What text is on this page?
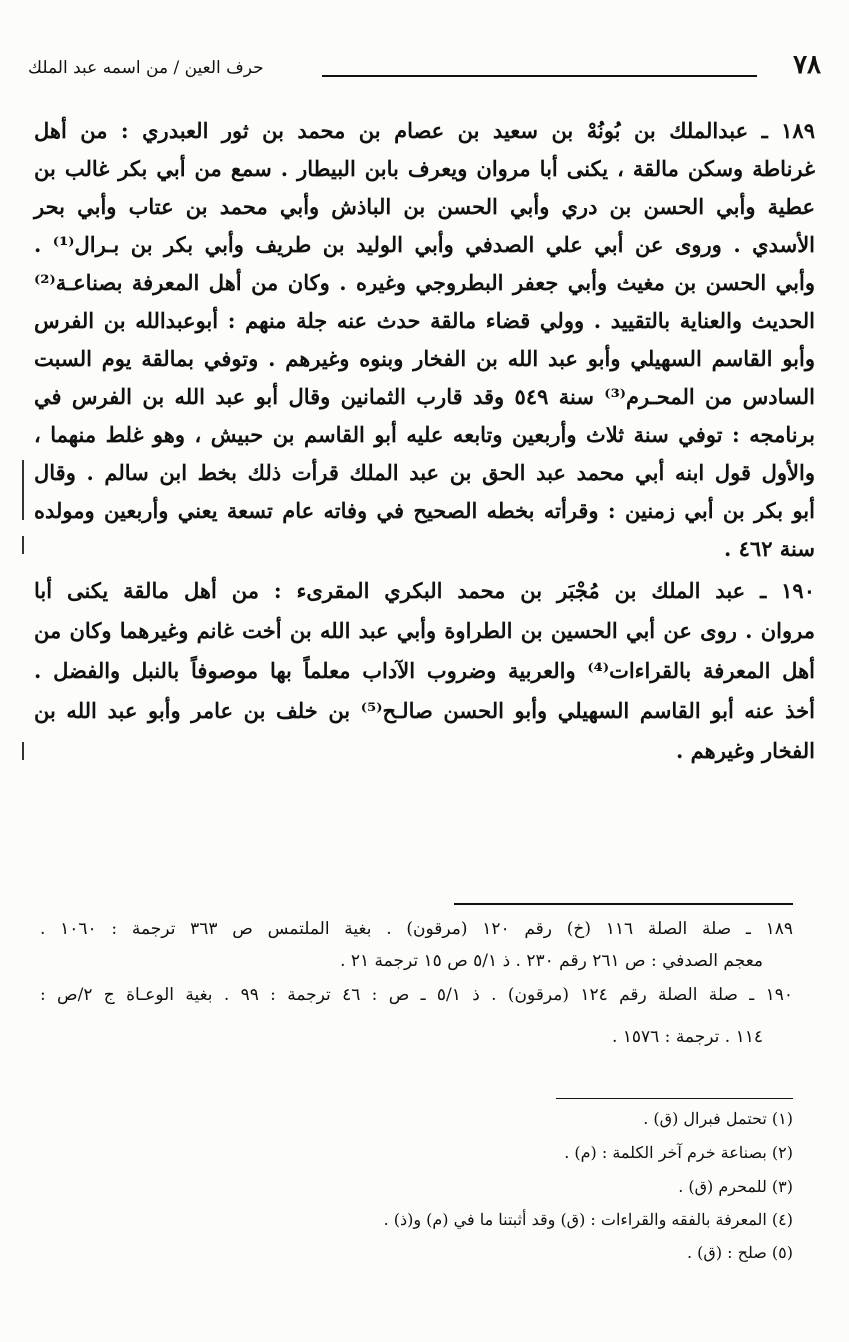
٧٨
حرف العين / من اسمه عبد الملك
١٨٩ ـ عبدالملك بن بُونُهْ بن سعيد بن عصام بن محمد بن ثور العبدري : من أهل
غرناطة وسكن مالقة ، يكنى أبا مروان ويعرف بابن البيطار . سمع من أبي بكر غالب بن
عطية وأبي الحسن بن دري وأبي الحسن بن الباذش وأبي محمد بن عتاب وأبي بحر
الأسدي . وروى عن أبي علي الصدفي وأبي الوليد بن طريف وأبي بكر بن بـرال⁽¹⁾ .
وأبي الحسن بن مغيث وأبي جعفر البطروجي وغيره . وكان من أهل المعرفة بصناعـة⁽²⁾
الحديث والعناية بالتقييد . وولي قضاء مالقة حدث عنه جلة منهم : أبوعبدالله بن الفرس
وأبو القاسم السهيلي وأبو عبد الله بن الفخار وبنوه وغيرهم . وتوفي بمالقة يوم السبت
السادس من المحـرم⁽³⁾ سنة ٥٤٩ وقد قارب الثمانين وقال أبو عبد الله بن الفرس في
برنامجه : توفي سنة ثلاث وأربعين وتابعه عليه أبو القاسم بن حبيش ، وهو غلط منهما ،
والأول قول ابنه أبي محمد عبد الحق بن عبد الملك قرأت ذلك بخط ابن سالم . وقال
أبو بكر بن أبي زمنين : وقرأته بخطه الصحيح في وفاته عام تسعة يعني وأربعين ومولده
سنة ٤٦٢ .
١٩٠ ـ عبد الملك بن مُجْبَر بن محمد البكري المقرىء : من أهل مالقة يكنى أبا
مروان . روى عن أبي الحسين بن الطراوة وأبي عبد الله بن أخت غانم وغيرهما وكان من
أهل المعرفة بالقراءات⁽⁴⁾ والعربية وضروب الآداب معلماً بها موصوفاً بالنبل والفضل .
أخذ عنه أبو القاسم السهيلي وأبو الحسن صالـح⁽⁵⁾ بن خلف بن عامر وأبو عبد الله بن
الفخار وغيرهم .
١٨٩ ـ صلة الصلة ١١٦ (خ) رقم ١٢٠ (مرقون) . بغية الملتمس ص ٣٦٣ ترجمة : ١٠٦٠ .
معجم الصدفي : ص ٢٦١ رقم ٢٣٠ . ذ ٥/١ ص ١٥ ترجمة ٢١ .
١٩٠ ـ صلة الصلة رقم ١٢٤ (مرقون) . ذ ٥/١ ـ ص : ٤٦ ترجمة : ٩٩ . بغية الوعـاة ج ٢/ص :
١١٤ . ترجمة : ١٥٧٦ .
(١) تحتمل فبرال (ق) .
(٢) بصناعة خرم آخر الكلمة : (م) .
(٣) للمحرم (ق) .
(٤) المعرفة بالفقه والقراءات : (ق) وقد أثبتنا ما في (م) و(ذ) .
(٥) صلح : (ق) .
